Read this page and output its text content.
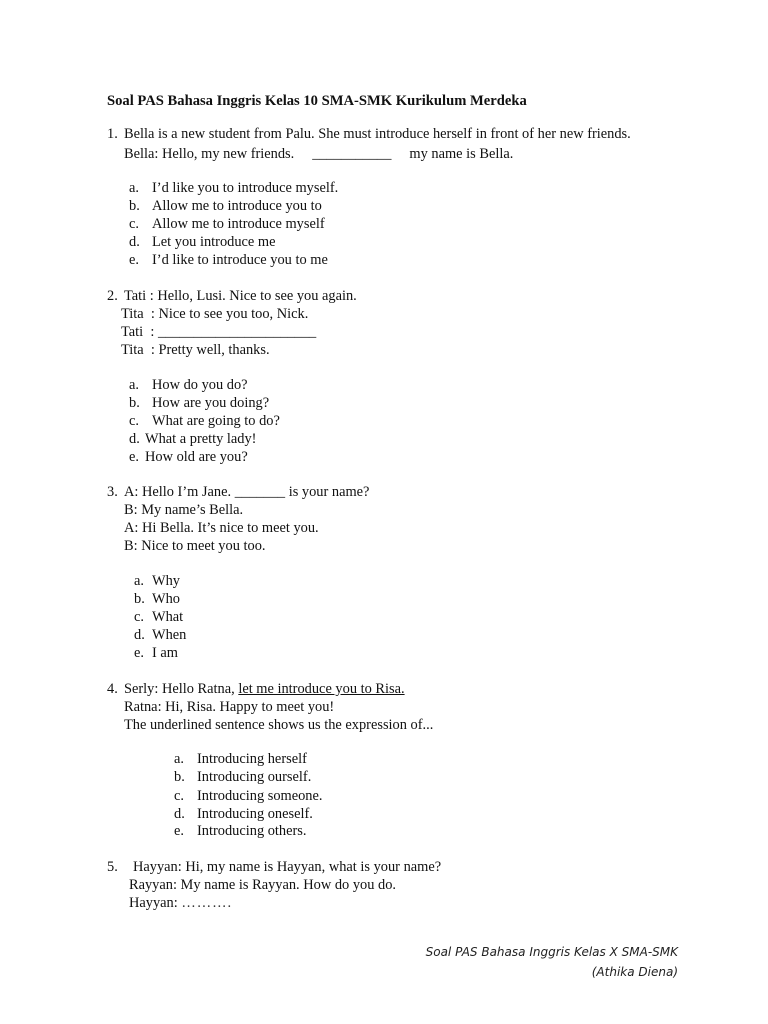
Soal PAS Bahasa Inggris Kelas 10 SMA-SMK Kurikulum Merdeka
1. Bella is a new student from Palu. She must introduce herself in front of her new friends.
Bella: Hello, my new friends. ___________ my name is Bella.
a. I’d like you to introduce myself.
b. Allow me to introduce you to
c. Allow me to introduce myself
d. Let you introduce me
e. I’d like to introduce you to me
2. Tati : Hello, Lusi. Nice to see you again.
Tita  : Nice to see you too, Nick.
Tati  : ______________________
Tita  : Pretty well, thanks.
a. How do you do?
b. How are you doing?
c. What are going to do?
d. What a pretty lady!
e. How old are you?
3. A: Hello I’m Jane. _______ is your name?
B: My name’s Bella.
A: Hi Bella. It’s nice to meet you.
B: Nice to meet you too.
a. Why
b. Who
c. What
d. When
e. I am
4. Serly: Hello Ratna, let me introduce you to Risa.
Ratna: Hi, Risa. Happy to meet you!
The underlined sentence shows us the expression of...
a. Introducing herself
b. Introducing ourself.
c. Introducing someone.
d. Introducing oneself.
e. Introducing others.
5. Hayyan: Hi, my name is Hayyan, what is your name?
Rayyan: My name is Rayyan. How do you do.
Hayyan: ……….
Soal PAS Bahasa Inggris Kelas X SMA-SMK
(Athika Diena)
